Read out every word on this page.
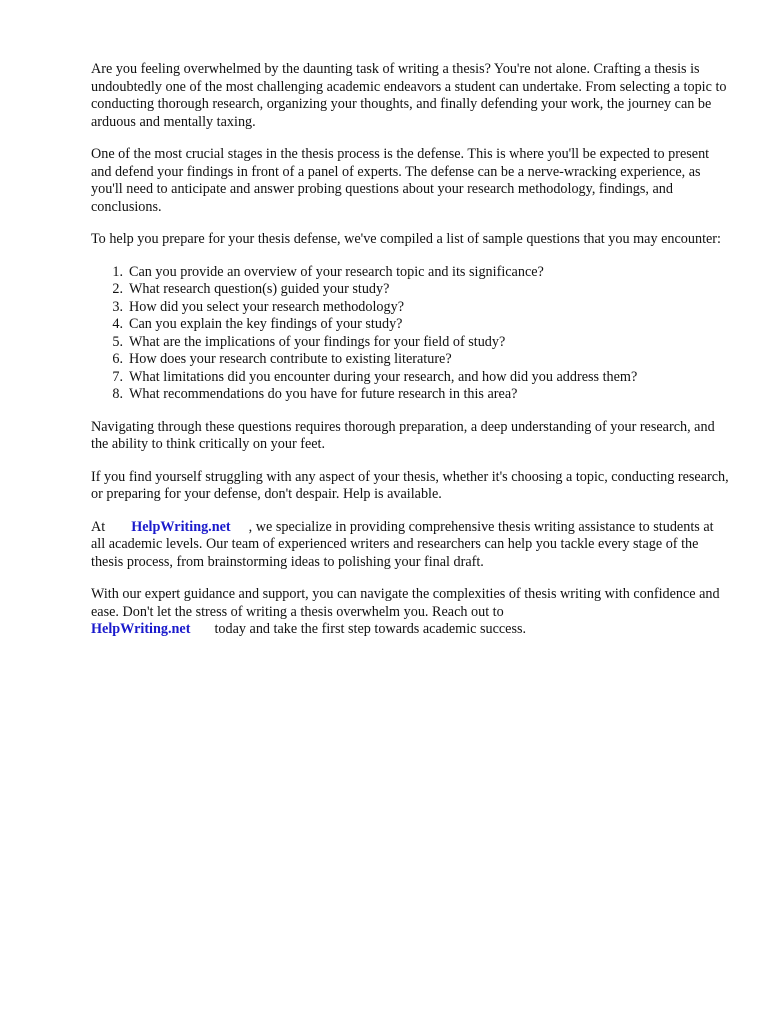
Are you feeling overwhelmed by the daunting task of writing a thesis? You're not alone. Crafting a thesis is undoubtedly one of the most challenging academic endeavors a student can undertake. From selecting a topic to conducting thorough research, organizing your thoughts, and finally defending your work, the journey can be arduous and mentally taxing.

One of the most crucial stages in the thesis process is the defense. This is where you'll be expected to present and defend your findings in front of a panel of experts. The defense can be a nerve-wracking experience, as you'll need to anticipate and answer probing questions about your research methodology, findings, and conclusions.

To help you prepare for your thesis defense, we've compiled a list of sample questions that you may encounter:

1. Can you provide an overview of your research topic and its significance?
2. What research question(s) guided your study?
3. How did you select your research methodology?
4. Can you explain the key findings of your study?
5. What are the implications of your findings for your field of study?
6. How does your research contribute to existing literature?
7. What limitations did you encounter during your research, and how did you address them?
8. What recommendations do you have for future research in this area?

Navigating through these questions requires thorough preparation, a deep understanding of your research, and the ability to think critically on your feet.

If you find yourself struggling with any aspect of your thesis, whether it's choosing a topic, conducting research, or preparing for your defense, don't despair. Help is available.

At HelpWriting.net , we specialize in providing comprehensive thesis writing assistance to students at all academic levels. Our team of experienced writers and researchers can help you tackle every stage of the thesis process, from brainstorming ideas to polishing your final draft.

With our expert guidance and support, you can navigate the complexities of thesis writing with confidence and ease. Don't let the stress of writing a thesis overwhelm you. Reach out to
HelpWriting.net today and take the first step towards academic success.
